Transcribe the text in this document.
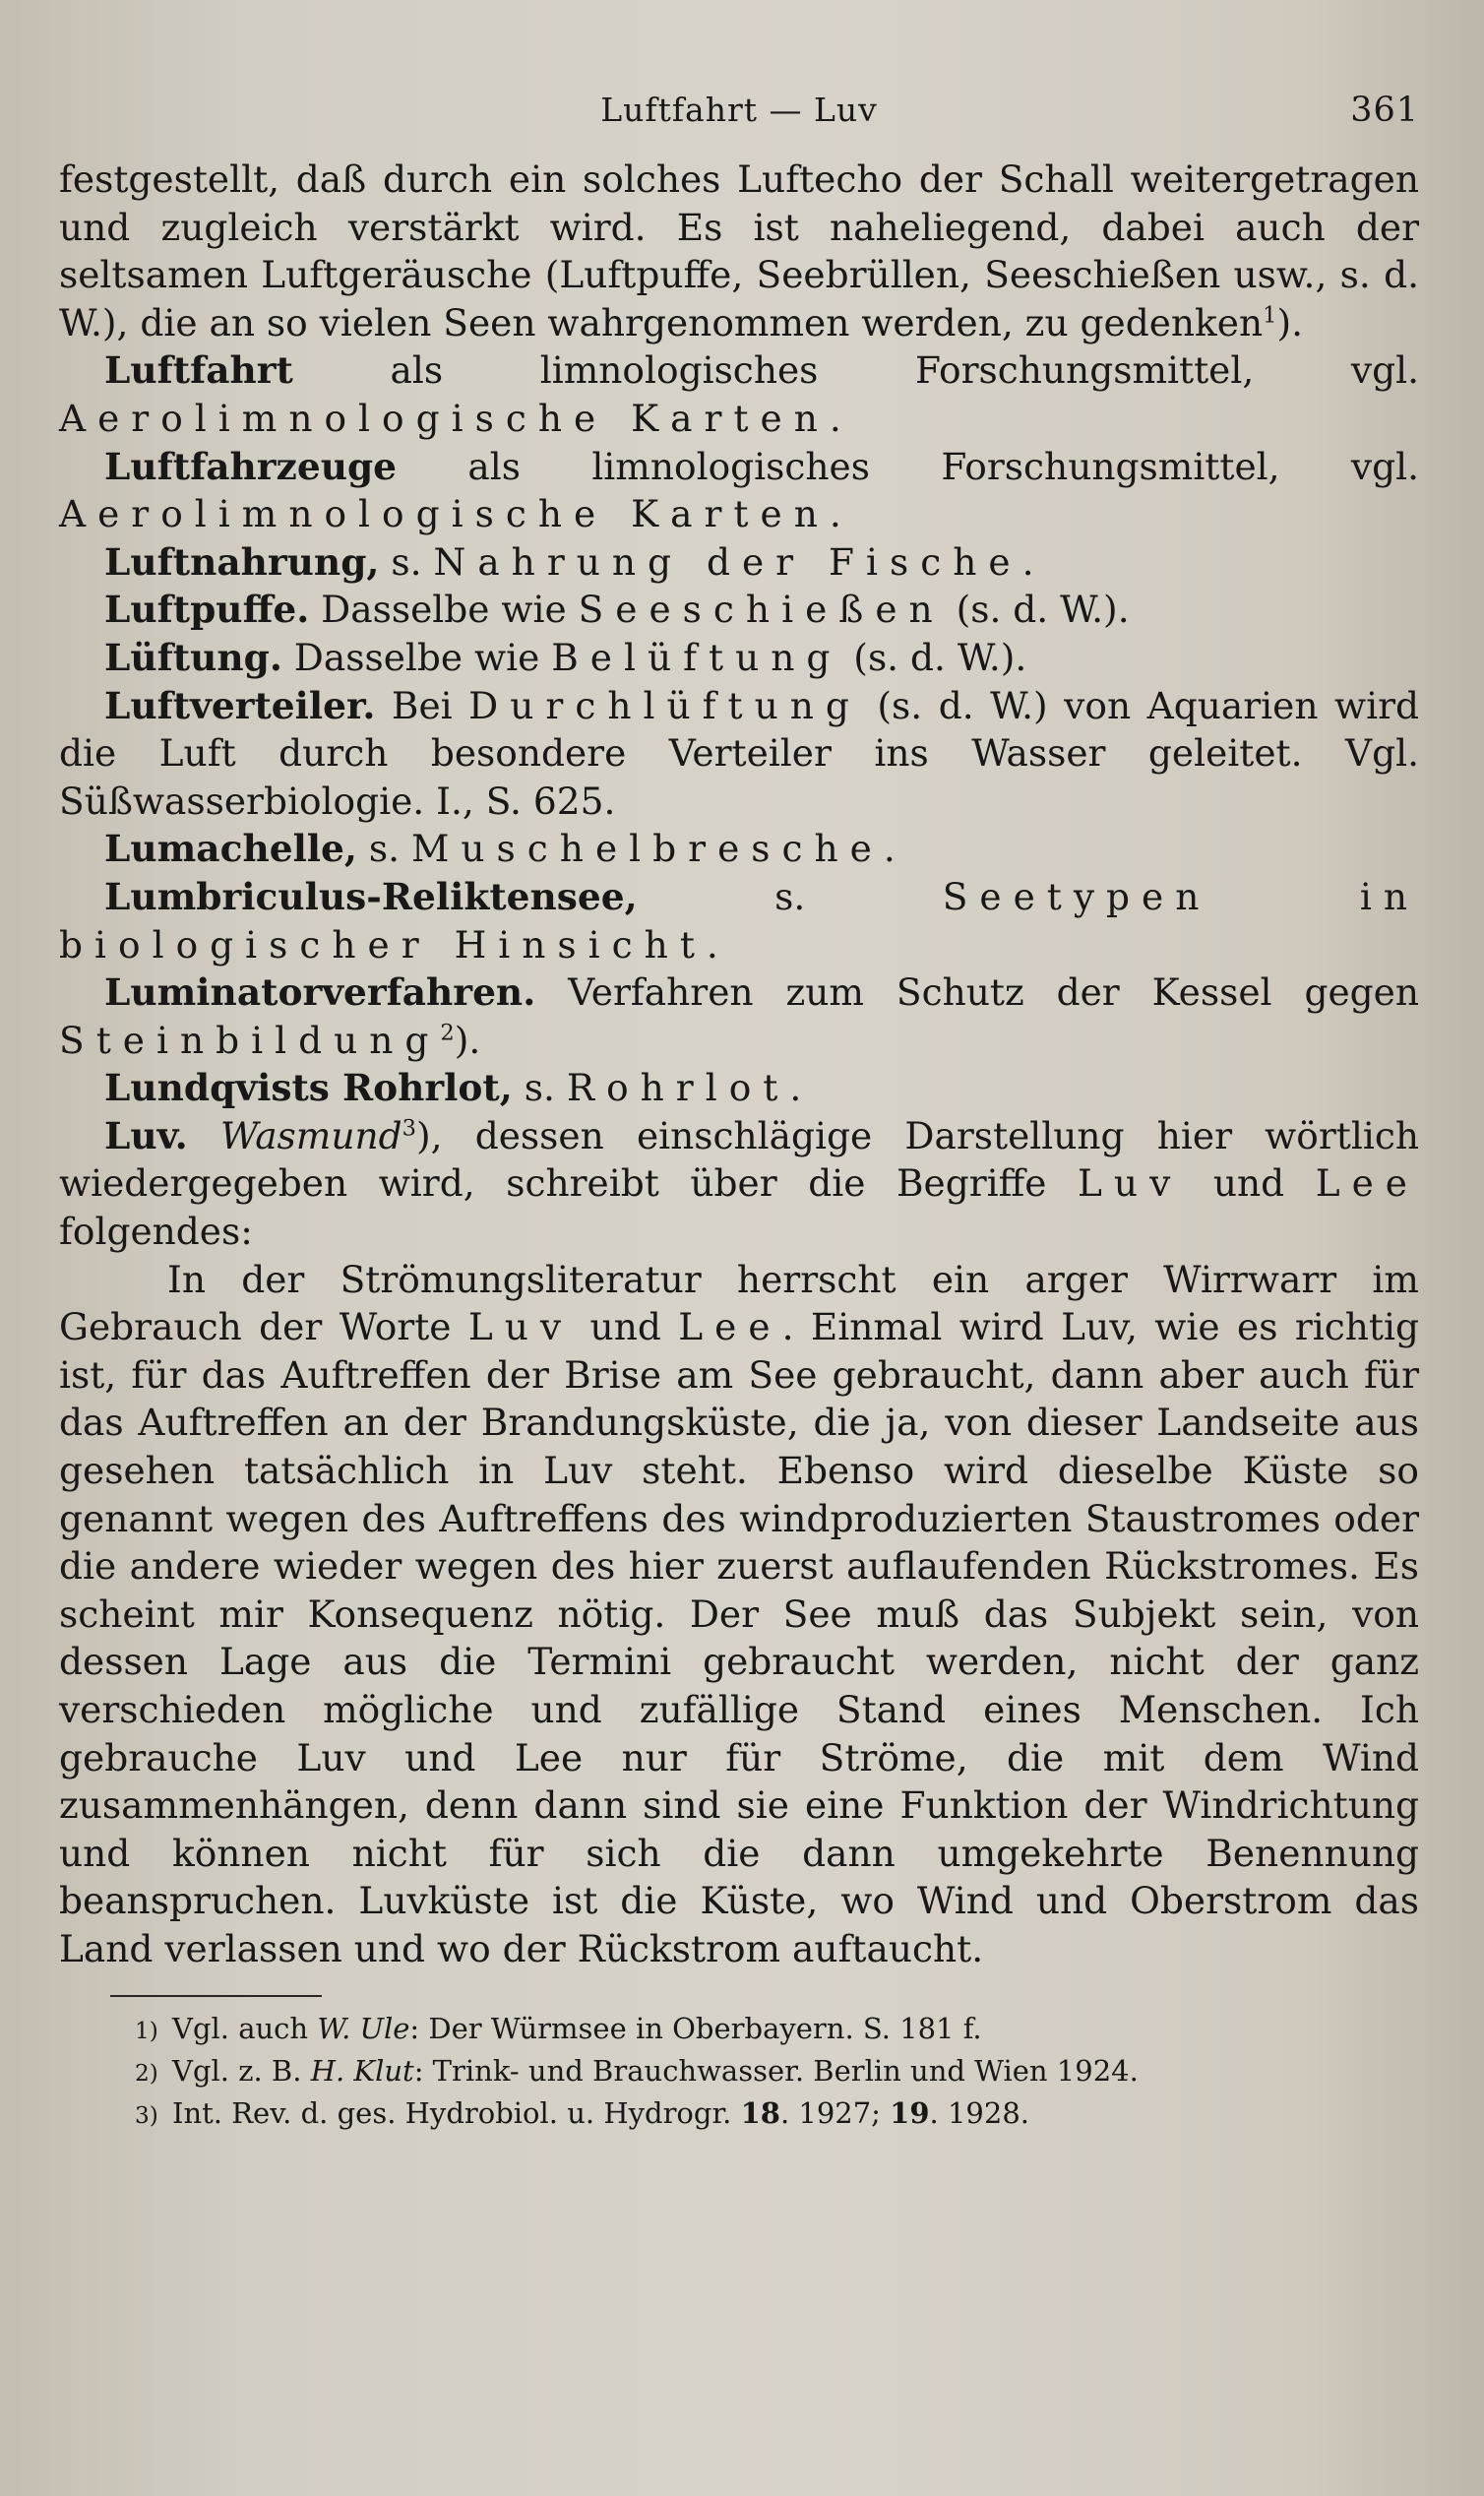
Luftfahrt — Luv	361

festgestellt, daß durch ein solches Luftecho der Schall weitergetragen und zugleich verstärkt wird. Es ist naheliegend, dabei auch der seltsamen Luftgeräusche (Luftpuffe, Seebrüllen, Seeschießen usw., s. d. W.), die an so vielen Seen wahrgenommen werden, zu gedenken$^1$).

Luftfahrt als limnologisches Forschungsmittel, vgl. Aerolimnologische Karten.

Luftfahrzeuge als limnologisches Forschungsmittel, vgl. Aerolimnologische Karten.

Luftnahrung, s. Nahrung der Fische.

Luftpuffe. Dasselbe wie Seeschießen (s. d. W.).

Lüftung. Dasselbe wie Belüftung (s. d. W.).

Luftverteiler. Bei Durchlüftung (s. d. W.) von Aquarien wird die Luft durch besondere Verteiler ins Wasser geleitet. Vgl. Süßwasserbiologie. I., S. 625.

Lumachelle, s. Muschelbresche.

Lumbriculus-Reliktensee, s. Seetypen in biologischer Hinsicht.

Luminatorverfahren. Verfahren zum Schutz der Kessel gegen Steinbildung$^2$).

Lundqvists Rohrlot, s. Rohrlot.

Luv. Wasmund$^3$), dessen einschlägige Darstellung hier wörtlich wiedergegeben wird, schreibt über die Begriffe Luv und Lee folgendes:

In der Strömungsliteratur herrscht ein arger Wirrwarr im Gebrauch der Worte Luv und Lee. Einmal wird Luv, wie es richtig ist, für das Auftreffen der Brise am See gebraucht, dann aber auch für das Auftreffen an der Brandungsküste, die ja, von dieser Landseite aus gesehen tatsächlich in Luv steht. Ebenso wird dieselbe Küste so genannt wegen des Auftreffens des windproduzierten Staustromes oder die andere wieder wegen des hier zuerst auflaufenden Rückstromes. Es scheint mir Konsequenz nötig. Der See muß das Subjekt sein, von dessen Lage aus die Termini gebraucht werden, nicht der ganz verschieden mögliche und zufällige Stand eines Menschen. Ich gebrauche Luv und Lee nur für Ströme, die mit dem Wind zusammenhängen, denn dann sind sie eine Funktion der Windrichtung und können nicht für sich die dann umgekehrte Benennung beanspruchen. Luvküste ist die Küste, wo Wind und Oberstrom das Land verlassen und wo der Rückstrom auftaucht.

1) Vgl. auch W. Ule: Der Würmsee in Oberbayern. S. 181 f.
2) Vgl. z. B. H. Klut: Trink- und Brauchwasser. Berlin und Wien 1924.
3) Int. Rev. d. ges. Hydrobiol. u. Hydrogr. 18. 1927; 19. 1928.
